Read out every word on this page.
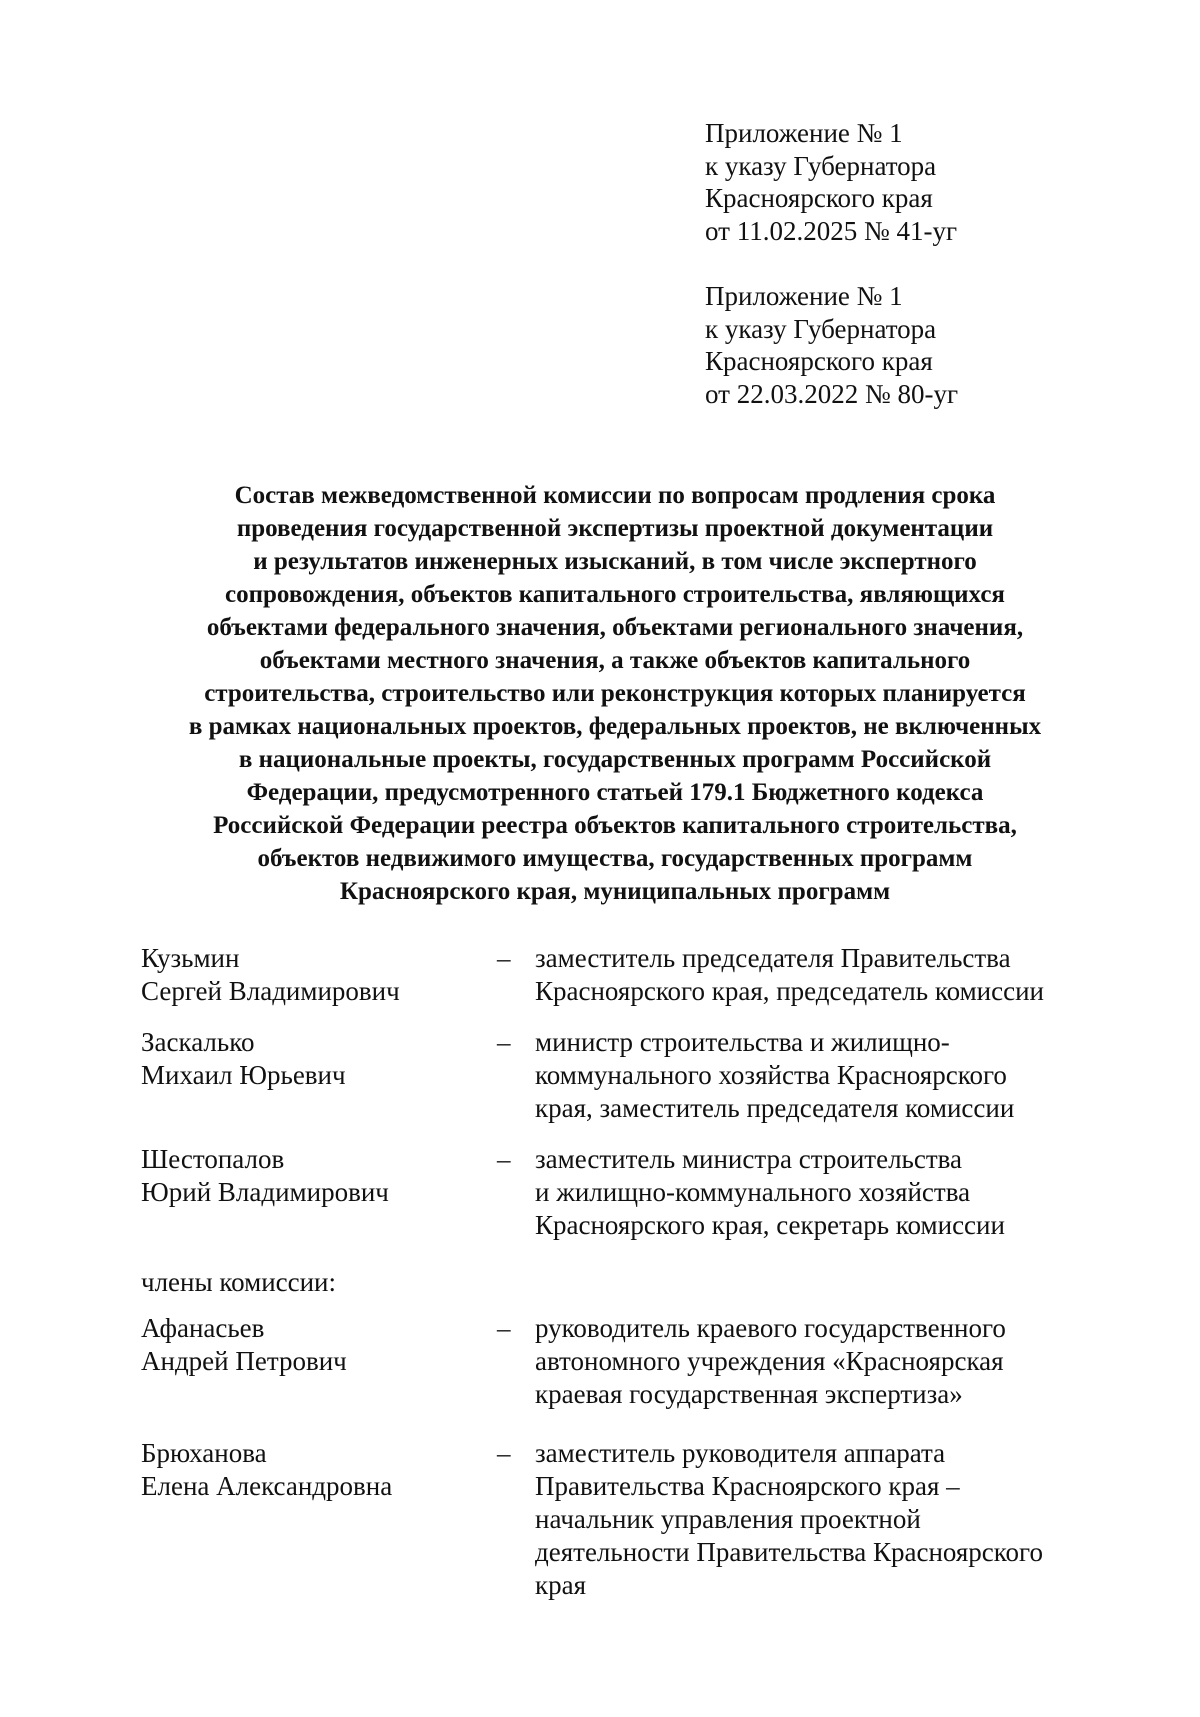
Приложение № 1
к указу Губернатора
Красноярского края
от 11.02.2025 № 41-уг
Приложение № 1
к указу Губернатора
Красноярского края
от 22.03.2022 № 80-уг
Состав межведомственной комиссии по вопросам продления срока
проведения государственной экспертизы проектной документации
и результатов инженерных изысканий, в том числе экспертного
сопровождения, объектов капитального строительства, являющихся
объектами федерального значения, объектами регионального значения,
объектами местного значения, а также объектов капитального
строительства, строительство или реконструкция которых планируется
в рамках национальных проектов, федеральных проектов, не включенных
в национальные проекты, государственных программ Российской
Федерации, предусмотренного статьей 179.1 Бюджетного кодекса
Российской Федерации реестра объектов капитального строительства,
объектов недвижимого имущества, государственных программ
Красноярского края, муниципальных программ
Кузьмин
Сергей Владимирович
– заместитель председателя Правительства
Красноярского края, председатель комиссии
Заскалько
Михаил Юрьевич
– министр строительства и жилищно-
коммунального хозяйства Красноярского
края, заместитель председателя комиссии
Шестопалов
Юрий Владимирович
– заместитель министра строительства
и жилищно-коммунального хозяйства
Красноярского края, секретарь комиссии
члены комиссии:
Афанасьев
Андрей Петрович
– руководитель краевого государственного
автономного учреждения «Красноярская
краевая государственная экспертиза»
Брюханова
Елена Александровна
– заместитель руководителя аппарата
Правительства Красноярского края –
начальник управления проектной
деятельности Правительства Красноярского
края
